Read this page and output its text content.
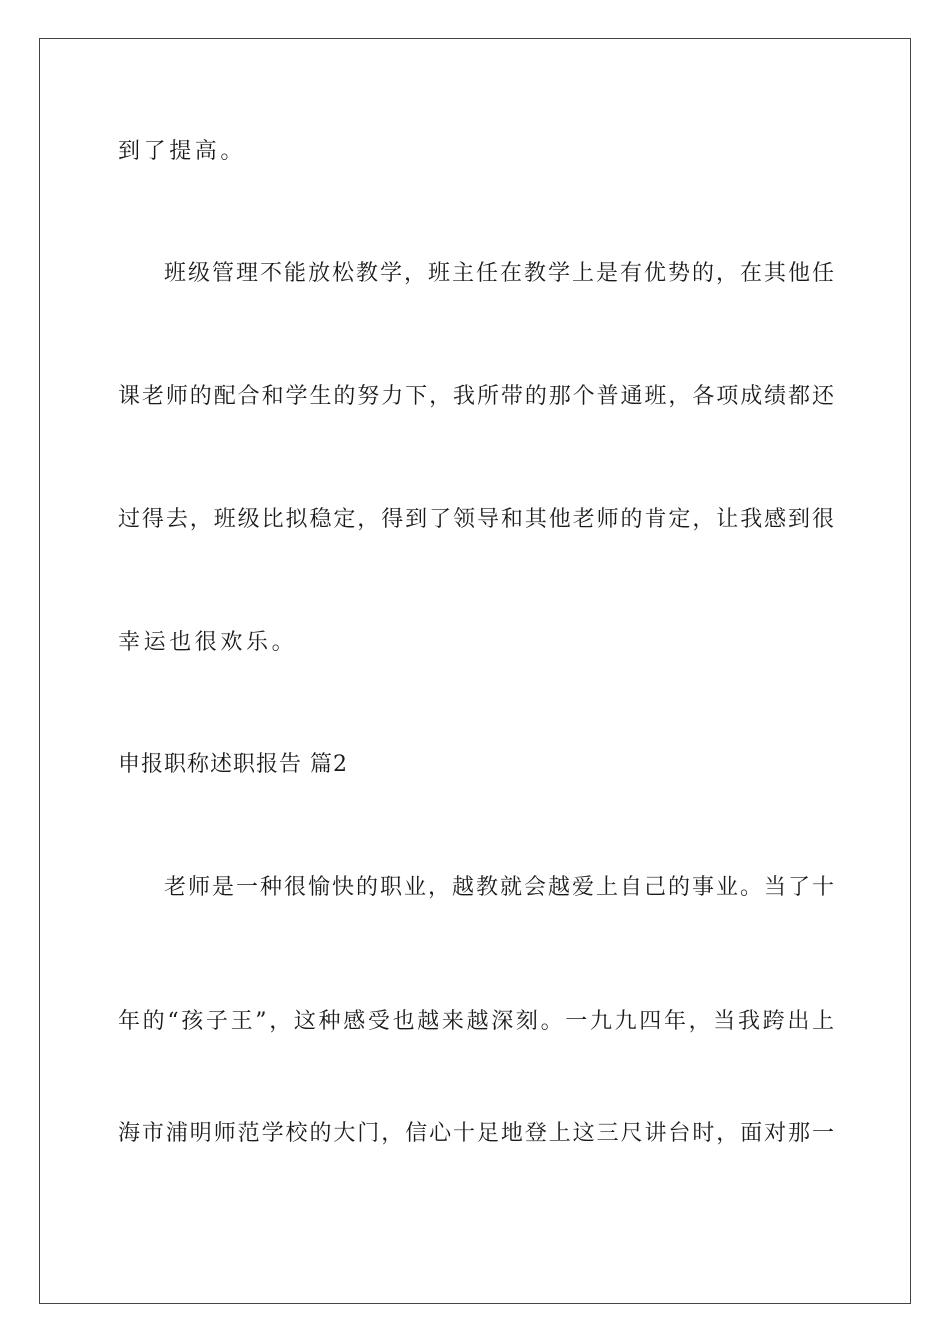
到了提高。

班级管理不能放松教学，班主任在教学上是有优势的，在其他任

课老师的配合和学生的努力下，我所带的那个普通班，各项成绩都还

过得去，班级比拟稳定，得到了领导和其他老师的肯定，让我感到很

幸运也很欢乐。

申报职称述职报告 篇2

老师是一种很愉快的职业，越教就会越爱上自己的事业。当了十

年的“孩子王”，这种感受也越来越深刻。一九九四年，当我跨出上

海市浦明师范学校的大门，信心十足地登上这三尺讲台时，面对那一
